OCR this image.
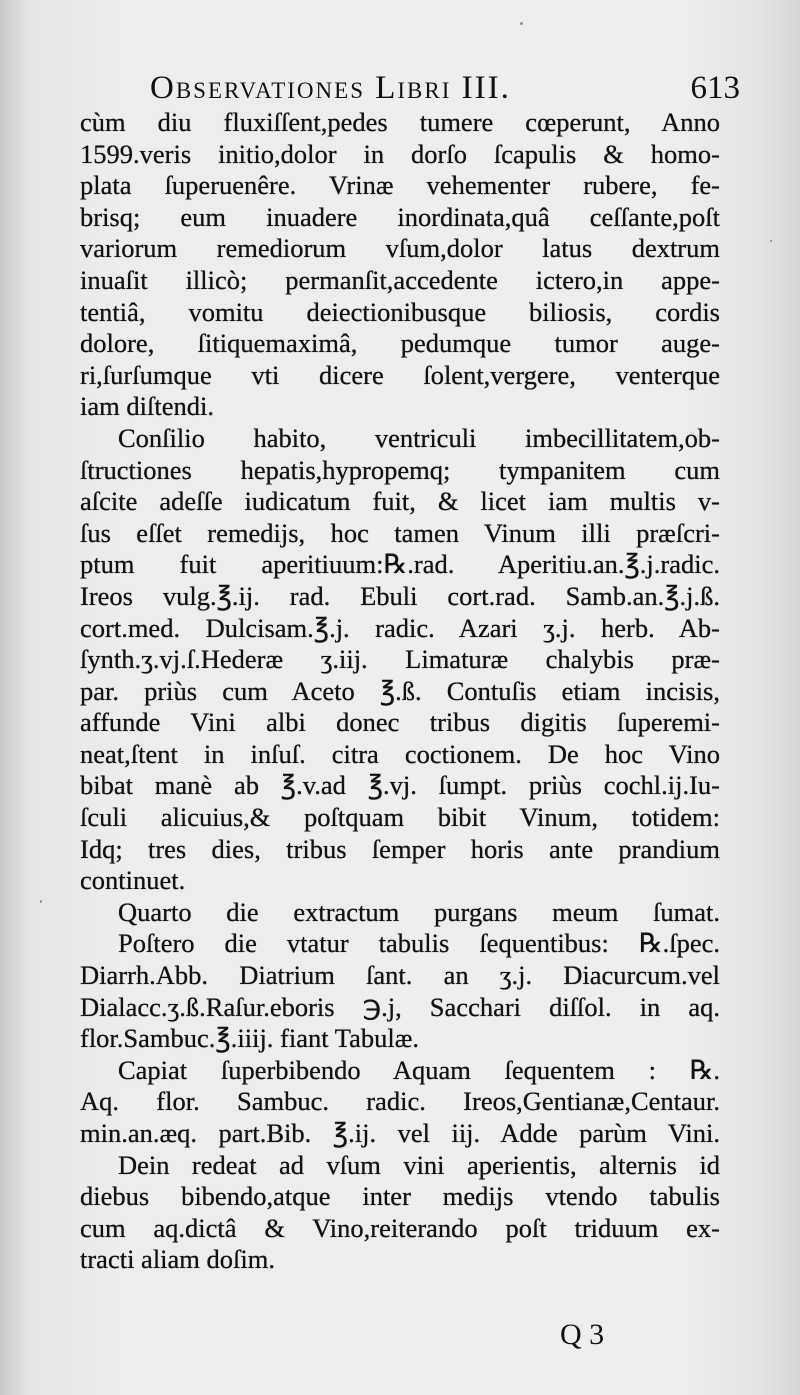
Observationes Libri III.	613
cùm diu fluxiſſent,pedes tumere cœperunt, Anno
1599.veris initio,dolor in dorſo ſcapulis & homo-
plata ſuperuenêre. Vrinæ vehementer rubere, fe-
brisq; eum inuadere inordinata,quâ ceſſante,poſt
variorum remediorum vſum,dolor latus dextrum
inuaſit illicò; permanſit,accedente ictero,in appe-
tentiâ, vomitu deiectionibusque biliosis, cordis
dolore, ſitiquemaximâ, pedumque tumor auge-
ri,ſurſumque vti dicere ſolent,vergere, venterque
iam diſtendi.
Conſilio habito, ventriculi imbecillitatem,ob-
ſtructiones hepatis,hypropemq; tympanitem cum
aſcite adeſſe iudicatum fuit, & licet iam multis v-
ſus eſſet remedijs, hoc tamen Vinum illi præſcri-
ptum fuit aperitiuum:℞.rad. Aperitiu.an.℥.j.radic.
Ireos vulg.℥.ij. rad. Ebuli cort.rad. Samb.an.℥.j.ß.
cort.med. Dulcisam.℥.j. radic. Azari ʒ.j. herb. Ab-
ſynth.ʒ.vj.ſ.Hederæ ʒ.iij. Limaturæ chalybis præ-
par. priùs cum Aceto ℥.ß. Contuſis etiam incisis,
affunde Vini albi donec tribus digitis ſuperemi-
neat,ſtent in inſuſ. citra coctionem. De hoc Vino
bibat manè ab ℥.v.ad ℥.vj. ſumpt. priùs cochl.ij.Iu-
ſculi alicuius,& poſtquam bibit Vinum, totidem:
Idq; tres dies, tribus ſemper horis ante prandium
continuet.
Quarto die extractum purgans meum ſumat.
Poſtero die vtatur tabulis ſequentibus: ℞.ſpec.
Diarrh.Abb. Diatrium ſant. an ʒ.j. Diacurcum.vel
Dialacc.ʒ.ß.Raſur.eboris ℈.j, Sacchari diſſol. in aq.
flor.Sambuc.℥.iiij. fiant Tabulæ.
Capiat ſuperbibendo Aquam ſequentem : ℞.
Aq. flor. Sambuc. radic. Ireos,Gentianæ,Centaur.
min.an.æq. part.Bib. ℥.ij. vel iij. Adde parùm Vini.
Dein redeat ad vſum vini aperientis, alternis id
diebus bibendo,atque inter medijs vtendo tabulis
cum aq.dictâ & Vino,reiterando poſt triduum ex-
tracti aliam doſim.
Q 3
